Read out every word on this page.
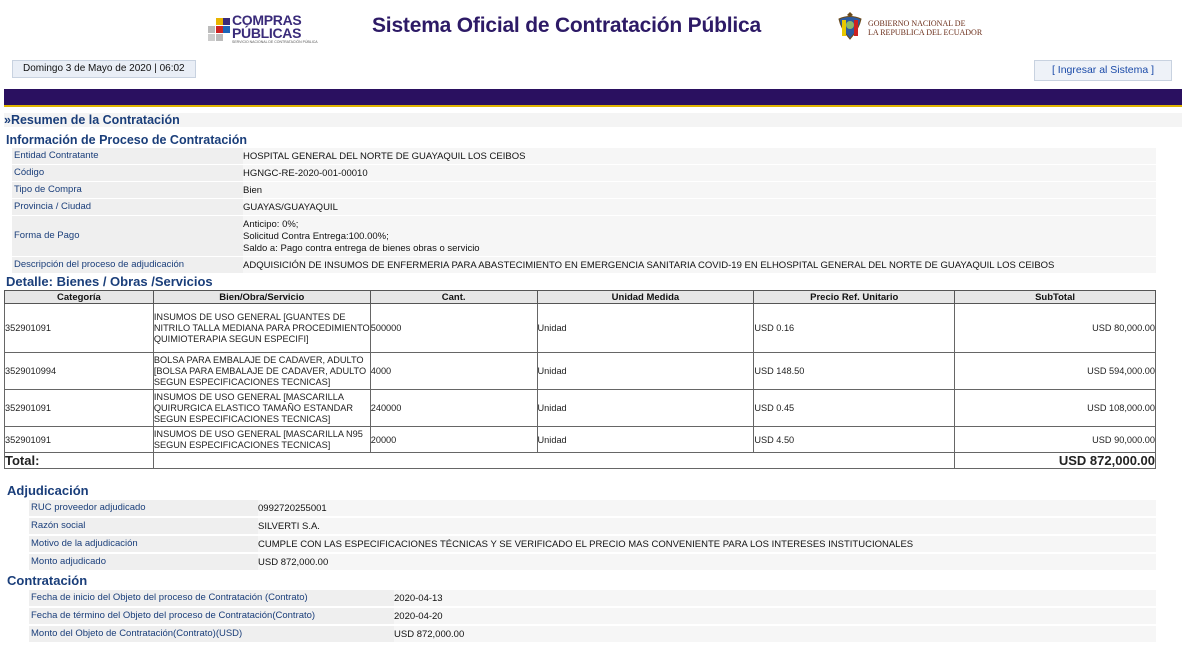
COMPRAS
PÚBLICAS
SERVICIO NACIONAL DE CONTRATACIÓN PÚBLICA
Sistema Oficial de Contratación Pública	GOBIERNO NACIONAL DE
LA REPUBLICA DEL ECUADOR
Domingo 3 de Mayo de 2020 | 06:02	[ Ingresar al Sistema ]
»Resumen de la Contratación
Información de Proceso de Contratación
Entidad Contratante	HOSPITAL GENERAL DEL NORTE DE GUAYAQUIL LOS CEIBOS
Código	HGNGC-RE-2020-001-00010
Tipo de Compra	Bien
Provincia / Ciudad	GUAYAS/GUAYAQUIL
Forma de Pago
Anticipo: 0%;
Solicitud Contra Entrega:100.00%;
Saldo a: Pago contra entrega de bienes obras o servicio
Descripción del proceso de adjudicación	ADQUISICIÓN DE INSUMOS DE ENFERMERIA PARA ABASTECIMIENTO EN EMERGENCIA SANITARIA COVID-19 EN ELHOSPITAL GENERAL DEL NORTE DE GUAYAQUIL LOS CEIBOS
Detalle: Bienes / Obras /Servicios
Categoría	Bien/Obra/Servicio	Cant.	Unidad Medida	Precio Ref. Unitario	SubTotal
352901091	INSUMOS DE USO GENERAL [GUANTES DE NITRILO TALLA MEDIANA PARA PROCEDIMIENTO QUIMIOTERAPIA SEGUN ESPECIFI]	500000	Unidad	USD 0.16	USD 80,000.00
3529010994	BOLSA PARA EMBALAJE DE CADAVER, ADULTO [BOLSA PARA EMBALAJE DE CADAVER, ADULTO SEGUN ESPECIFICACIONES TECNICAS]	4000	Unidad	USD 148.50	USD 594,000.00
352901091	INSUMOS DE USO GENERAL [MASCARILLA QUIRURGICA ELASTICO TAMAÑO ESTANDAR SEGUN ESPECIFICACIONES TECNICAS]	240000	Unidad	USD 0.45	USD 108,000.00
352901091	INSUMOS DE USO GENERAL [MASCARILLA N95 SEGUN ESPECIFICACIONES TECNICAS]	20000	Unidad	USD 4.50	USD 90,000.00
Total:					USD 872,000.00
Adjudicación
RUC proveedor adjudicado	0992720255001
Razón social	SILVERTI S.A.
Motivo de la adjudicación	CUMPLE CON LAS ESPECIFICACIONES TÉCNICAS Y SE VERIFICADO EL PRECIO MAS CONVENIENTE PARA LOS INTERESES INSTITUCIONALES
Monto adjudicado	USD 872,000.00
Contratación
Fecha de inicio del Objeto del proceso de Contratación (Contrato)	2020-04-13
Fecha de término del Objeto del proceso de Contratación(Contrato)	2020-04-20
Monto del Objeto de Contratación(Contrato)(USD)	USD 872,000.00
